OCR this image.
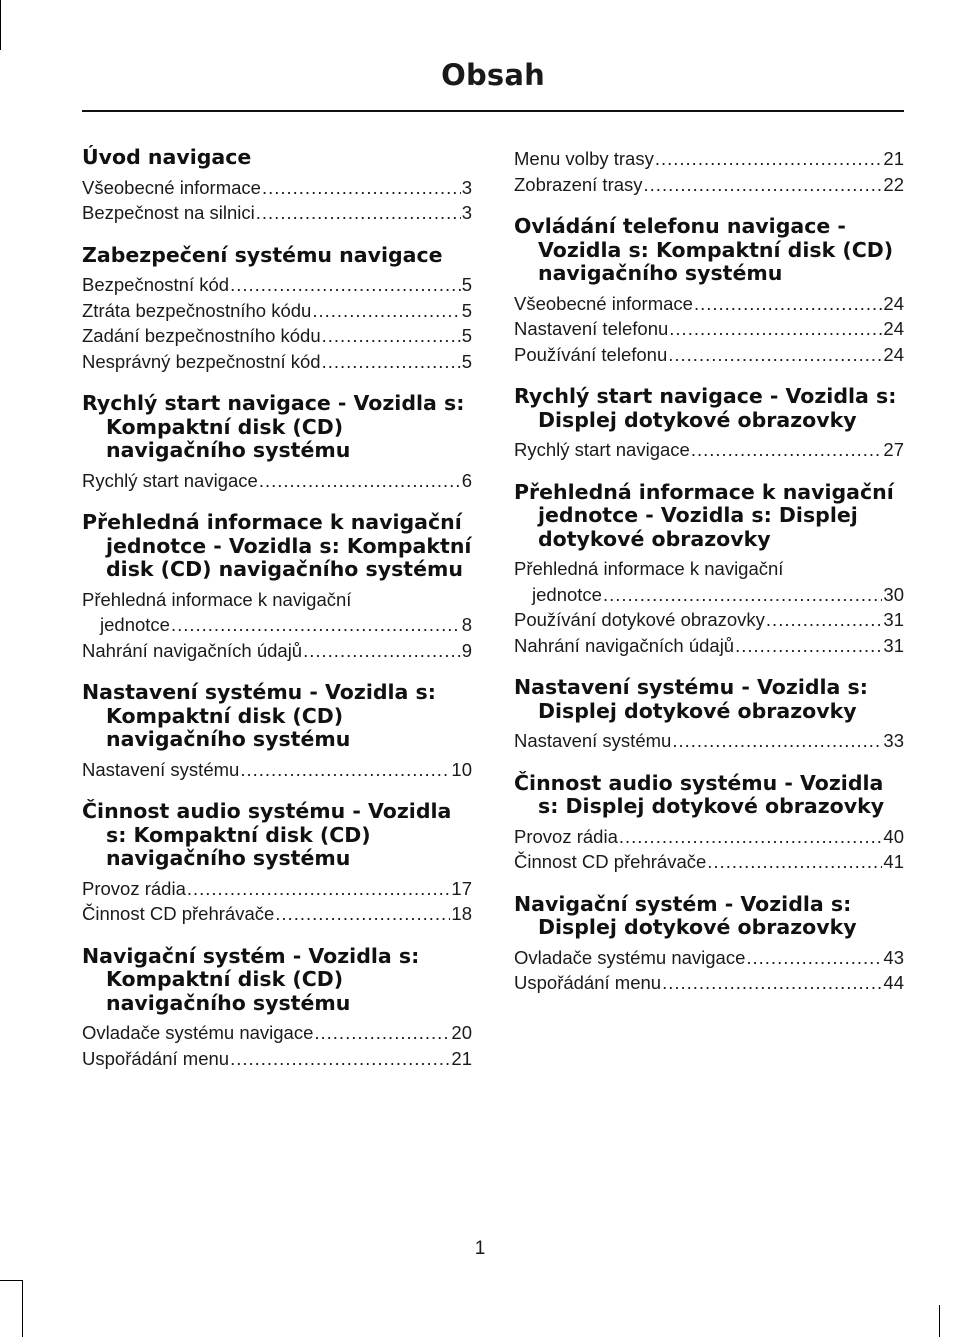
Obsah
Úvod navigace
Všeobecné informace .....	3
Bezpečnost na silnici .....	3
Zabezpečení systému navigace
Bezpečnostní kód .....	5
Ztráta bezpečnostního kódu .....	5
Zadání bezpečnostního kódu .....	5
Nesprávný bezpečnostní kód .....	5
Rychlý start navigace - Vozidla s: Kompaktní disk (CD) navigačního systému
Rychlý start navigace .....	6
Přehledná informace k navigační jednotce - Vozidla s: Kompaktní disk (CD) navigačního systému
Přehledná informace k navigační
jednotce .....	8
Nahrání navigačních údajů .....	9
Nastavení systému - Vozidla s: Kompaktní disk (CD) navigačního systému
Nastavení systému .....	10
Činnost audio systému - Vozidla s: Kompaktní disk (CD) navigačního systému
Provoz rádia .....	17
Činnost CD přehrávače .....	18
Navigační systém - Vozidla s: Kompaktní disk (CD) navigačního systému
Ovladače systému navigace .....	20
Uspořádání menu .....	21
Menu volby trasy .....	21
Zobrazení trasy .....	22
Ovládání telefonu navigace - Vozidla s: Kompaktní disk (CD) navigačního systému
Všeobecné informace .....	24
Nastavení telefonu .....	24
Používání telefonu .....	24
Rychlý start navigace - Vozidla s: Displej dotykové obrazovky
Rychlý start navigace .....	27
Přehledná informace k navigační jednotce - Vozidla s: Displej dotykové obrazovky
Přehledná informace k navigační
jednotce .....	30
Používání dotykové obrazovky .....	31
Nahrání navigačních údajů .....	31
Nastavení systému - Vozidla s: Displej dotykové obrazovky
Nastavení systému .....	33
Činnost audio systému - Vozidla s: Displej dotykové obrazovky
Provoz rádia .....	40
Činnost CD přehrávače .....	41
Navigační systém - Vozidla s: Displej dotykové obrazovky
Ovladače systému navigace .....	43
Uspořádání menu .....	44
1
